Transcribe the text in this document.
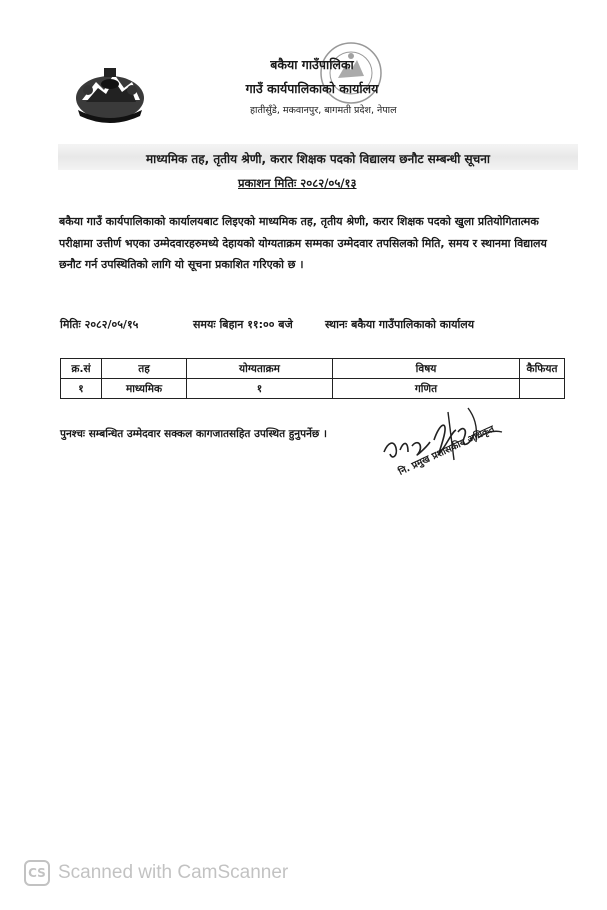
बकैया गाउँपालिका
गाउँ कार्यपालिकाको कार्यालय
हातीसुँडे, मकवानपुर, बागमती प्रदेश, नेपाल
माध्यमिक तह, तृतीय श्रेणी, करार शिक्षक पदको विद्यालय छनौट सम्बन्धी सूचना
प्रकाशन मितिः २०८२/०५/१३
बकैया गाउँ कार्यपालिकाको कार्यालयबाट लिइएको माध्यमिक तह, तृतीय श्रेणी, करार शिक्षक पदको खुला प्रतियोगितात्मक परीक्षामा उत्तीर्ण भएका उम्मेदवारहरुमध्ये देहायको योग्यताक्रम सम्मका उम्मेदवार तपसिलको मिति, समय र स्थानमा विद्यालय छनौट गर्न उपस्थितिको लागि यो सूचना प्रकाशित गरिएको छ ।
मितिः २०८२/०५/१५	समयः बिहान ११:०० बजे	स्थानः बकैया गाउँपालिकाको कार्यालय
क्र.सं	तह	योग्यताक्रम	विषय	कैफियत
१	माध्यमिक	१	गणित	
पुनश्चः सम्बन्धित उम्मेदवार सक्कल कागजातसहित उपस्थित हुनुपर्नेछ ।	नि. प्रमुख प्रशासकीय अधिकृत
CS Scanned with CamScanner
